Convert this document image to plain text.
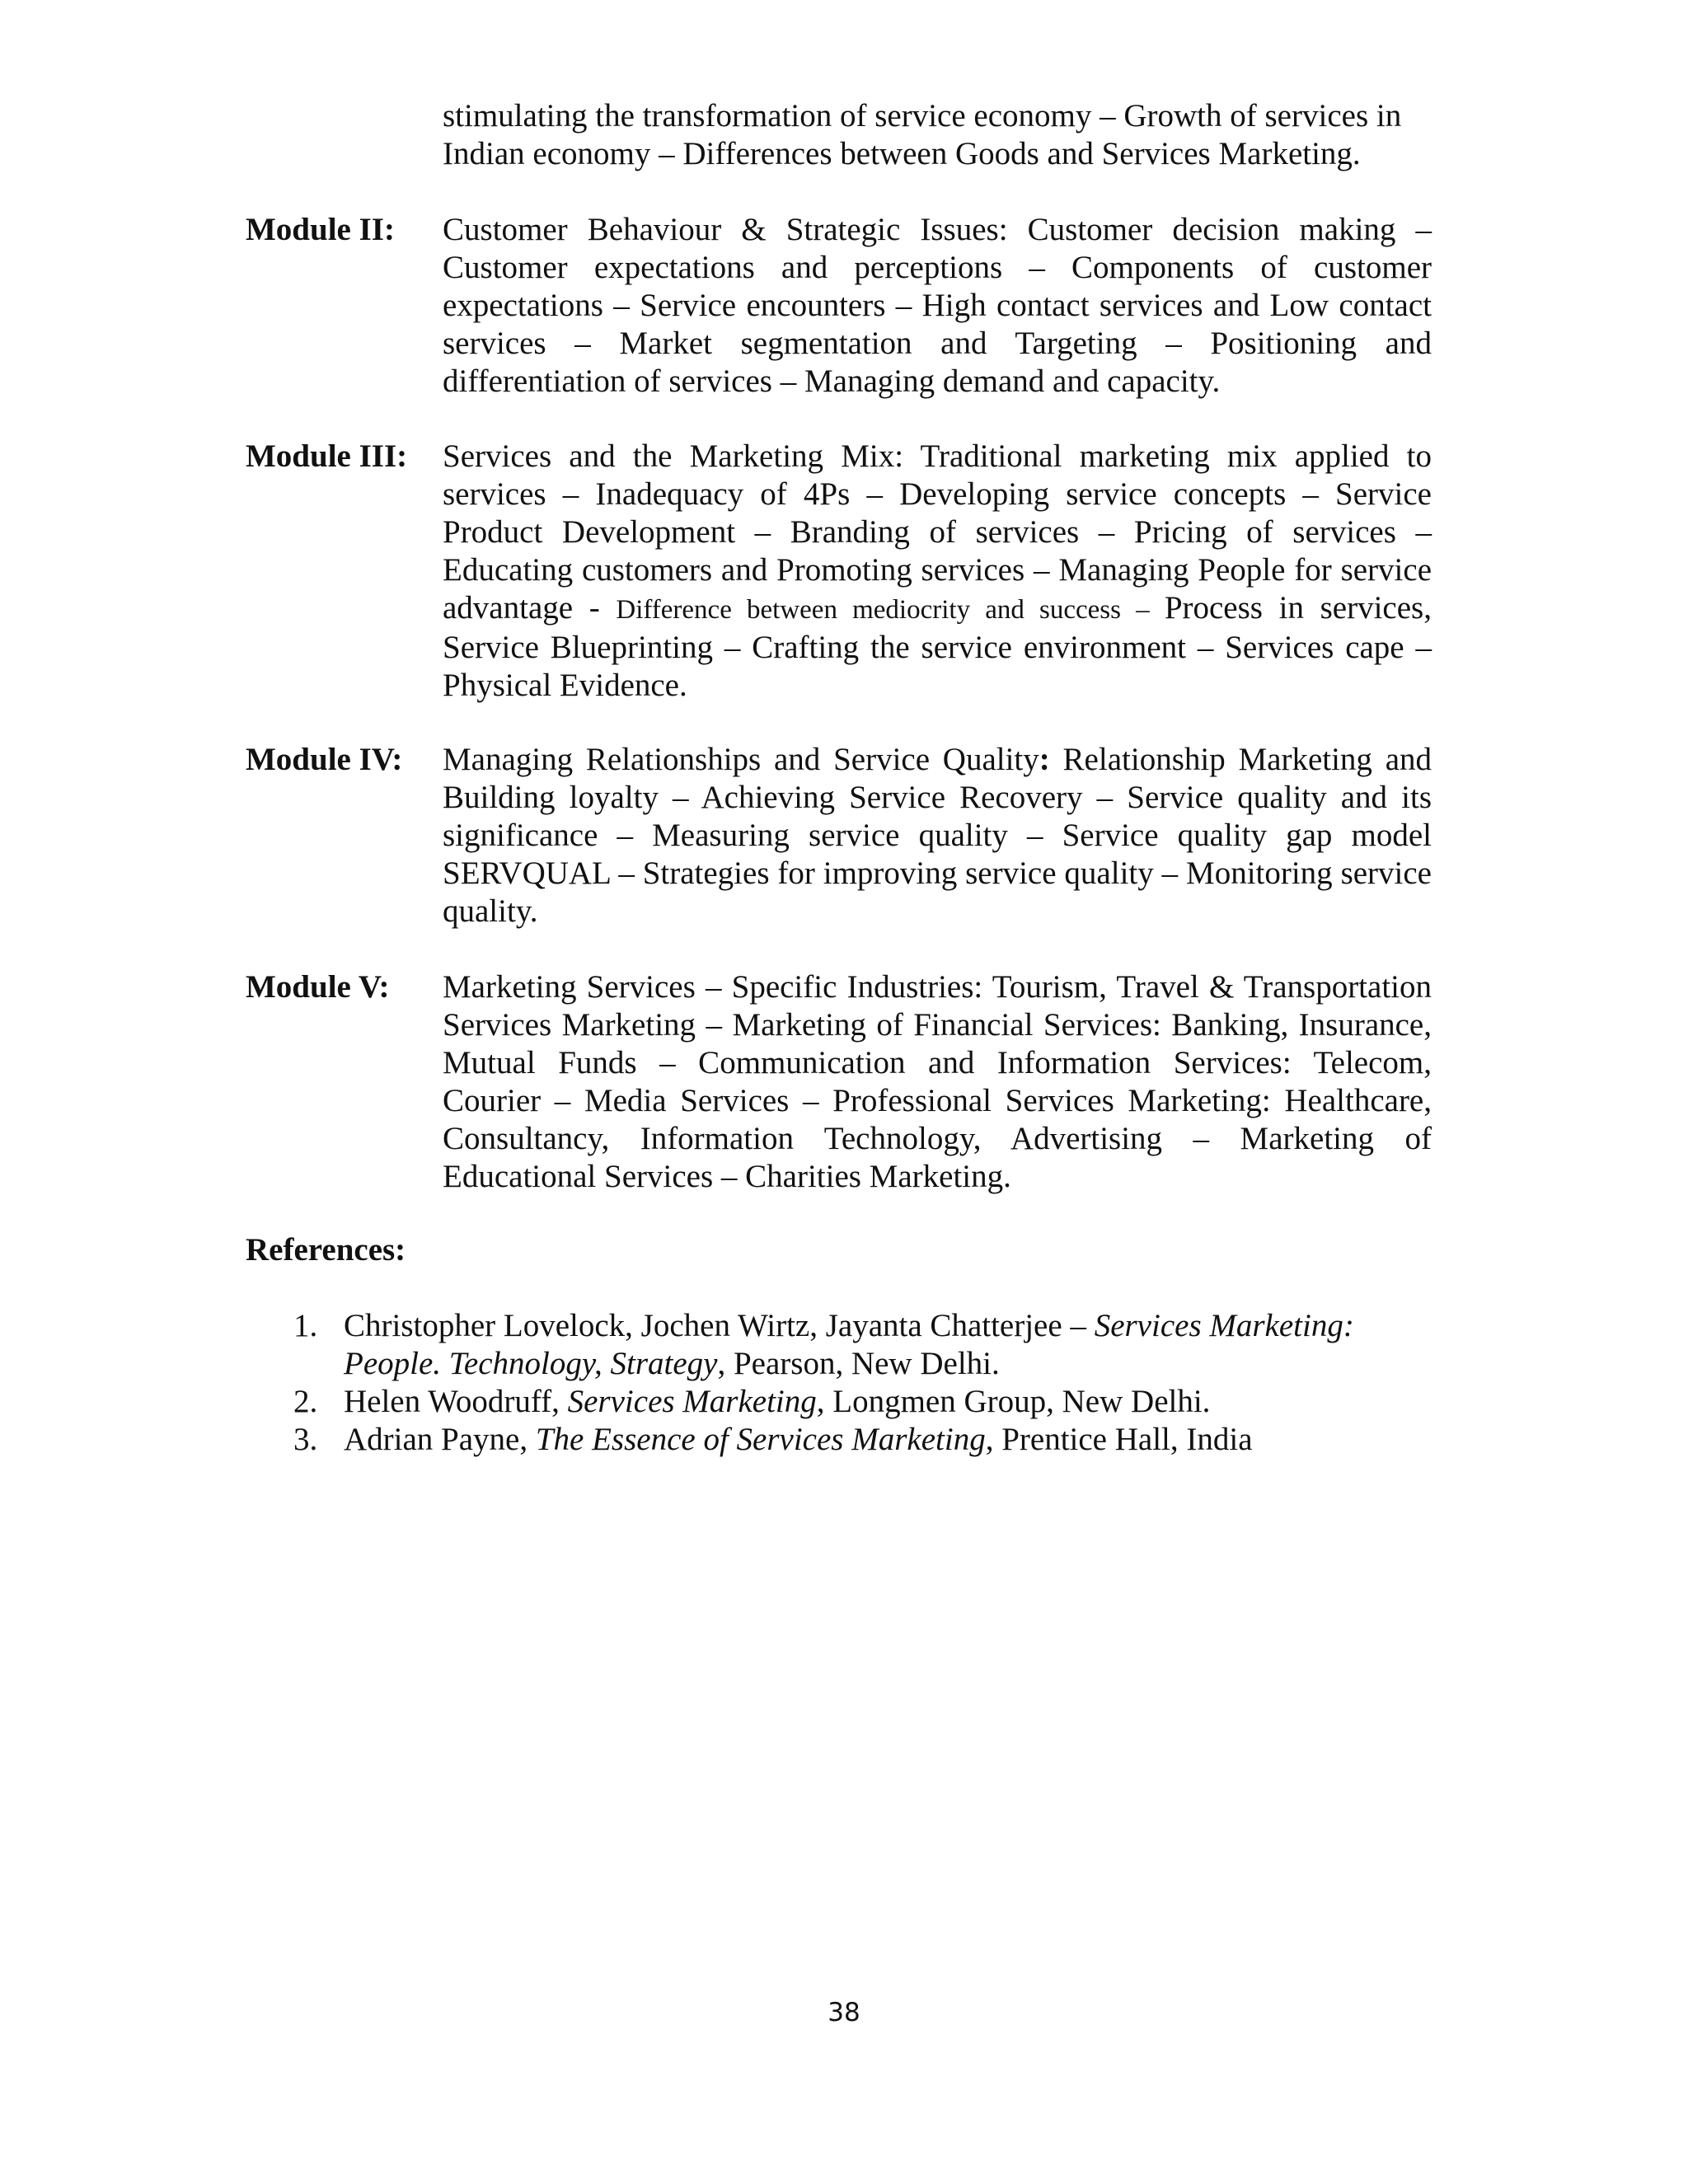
stimulating the transformation of service economy – Growth of services in
Indian economy – Differences between Goods and Services Marketing.
Module II: Customer Behaviour & Strategic Issues: Customer decision making – Customer expectations and perceptions – Components of customer expectations – Service encounters – High contact services and Low contact services – Market segmentation and Targeting – Positioning and differentiation of services – Managing demand and capacity.
Module III: Services and the Marketing Mix: Traditional marketing mix applied to services – Inadequacy of 4Ps – Developing service concepts – Service Product Development – Branding of services – Pricing of services – Educating customers and Promoting services – Managing People for service advantage - Difference between mediocrity and success – Process in services, Service Blueprinting – Crafting the service environment – Services cape – Physical Evidence.
Module IV: Managing Relationships and Service Quality: Relationship Marketing and Building loyalty – Achieving Service Recovery – Service quality and its significance – Measuring service quality – Service quality gap model SERVQUAL – Strategies for improving service quality – Monitoring service quality.
Module V: Marketing Services – Specific Industries: Tourism, Travel & Transportation Services Marketing – Marketing of Financial Services: Banking, Insurance, Mutual Funds – Communication and Information Services: Telecom, Courier – Media Services – Professional Services Marketing: Healthcare, Consultancy, Information Technology, Advertising – Marketing of Educational Services – Charities Marketing.
References:
1. Christopher Lovelock, Jochen Wirtz, Jayanta Chatterjee – Services Marketing: People. Technology, Strategy, Pearson, New Delhi.
2. Helen Woodruff, Services Marketing, Longmen Group, New Delhi.
3. Adrian Payne, The Essence of Services Marketing, Prentice Hall, India
38
